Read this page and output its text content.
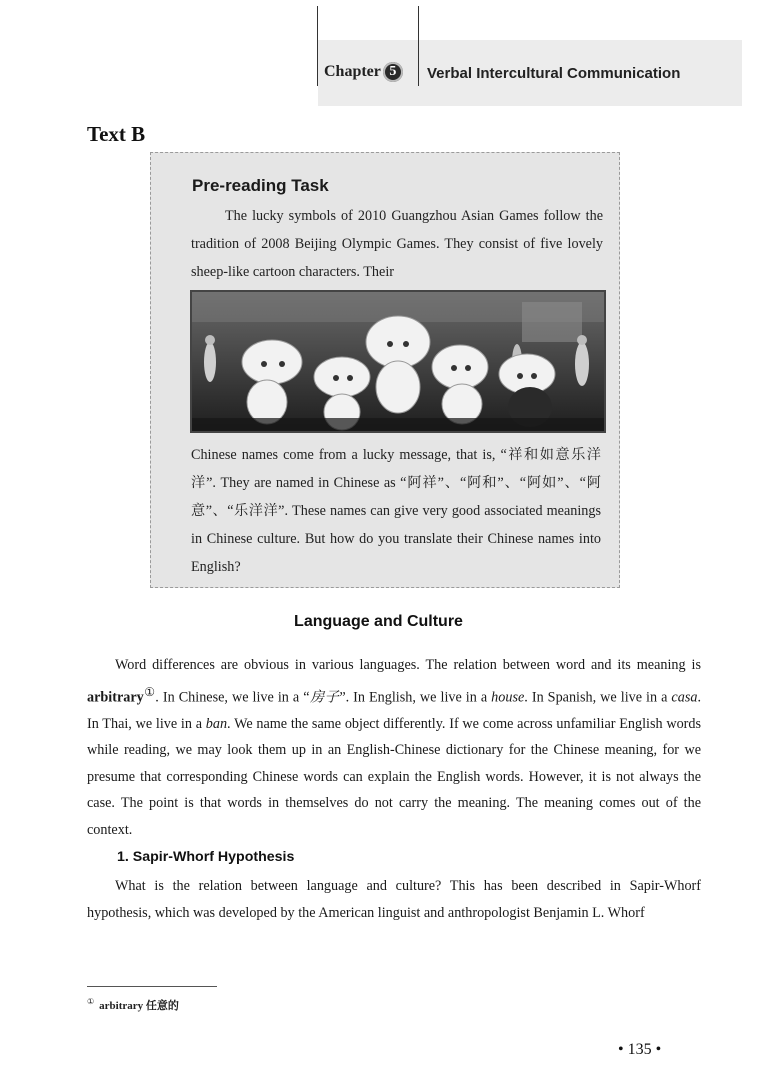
Chapter 5	Verbal Intercultural Communication
Text B
Pre-reading Task
The lucky symbols of 2010 Guangzhou Asian Games follow the tradition of 2008 Beijing Olympic Games. They consist of five lovely sheep-like cartoon characters. Their
Chinese names come from a lucky message, that is, “祥和如意乐洋洋”. They are named in Chinese as “阿祥”、“阿和”、“阿如”、“阿意”、“乐洋洋”. These names can give very good associated meanings in Chinese culture. But how do you translate their Chinese names into English?
Language and Culture
Word differences are obvious in various languages. The relation between word and its meaning is arbitrary①. In Chinese, we live in a “房子”. In English, we live in a house. In Spanish, we live in a casa. In Thai, we live in a ban. We name the same object differently. If we come across unfamiliar English words while reading, we may look them up in an English-Chinese dictionary for the Chinese meaning, for we presume that corresponding Chinese words can explain the English words. However, it is not always the case. The point is that words in themselves do not carry the meaning. The meaning comes out of the context.
1. Sapir-Whorf Hypothesis
What is the relation between language and culture? This has been described in Sapir-Whorf hypothesis, which was developed by the American linguist and anthropologist Benjamin L. Whorf
① arbitrary 任意的
• 135 •
